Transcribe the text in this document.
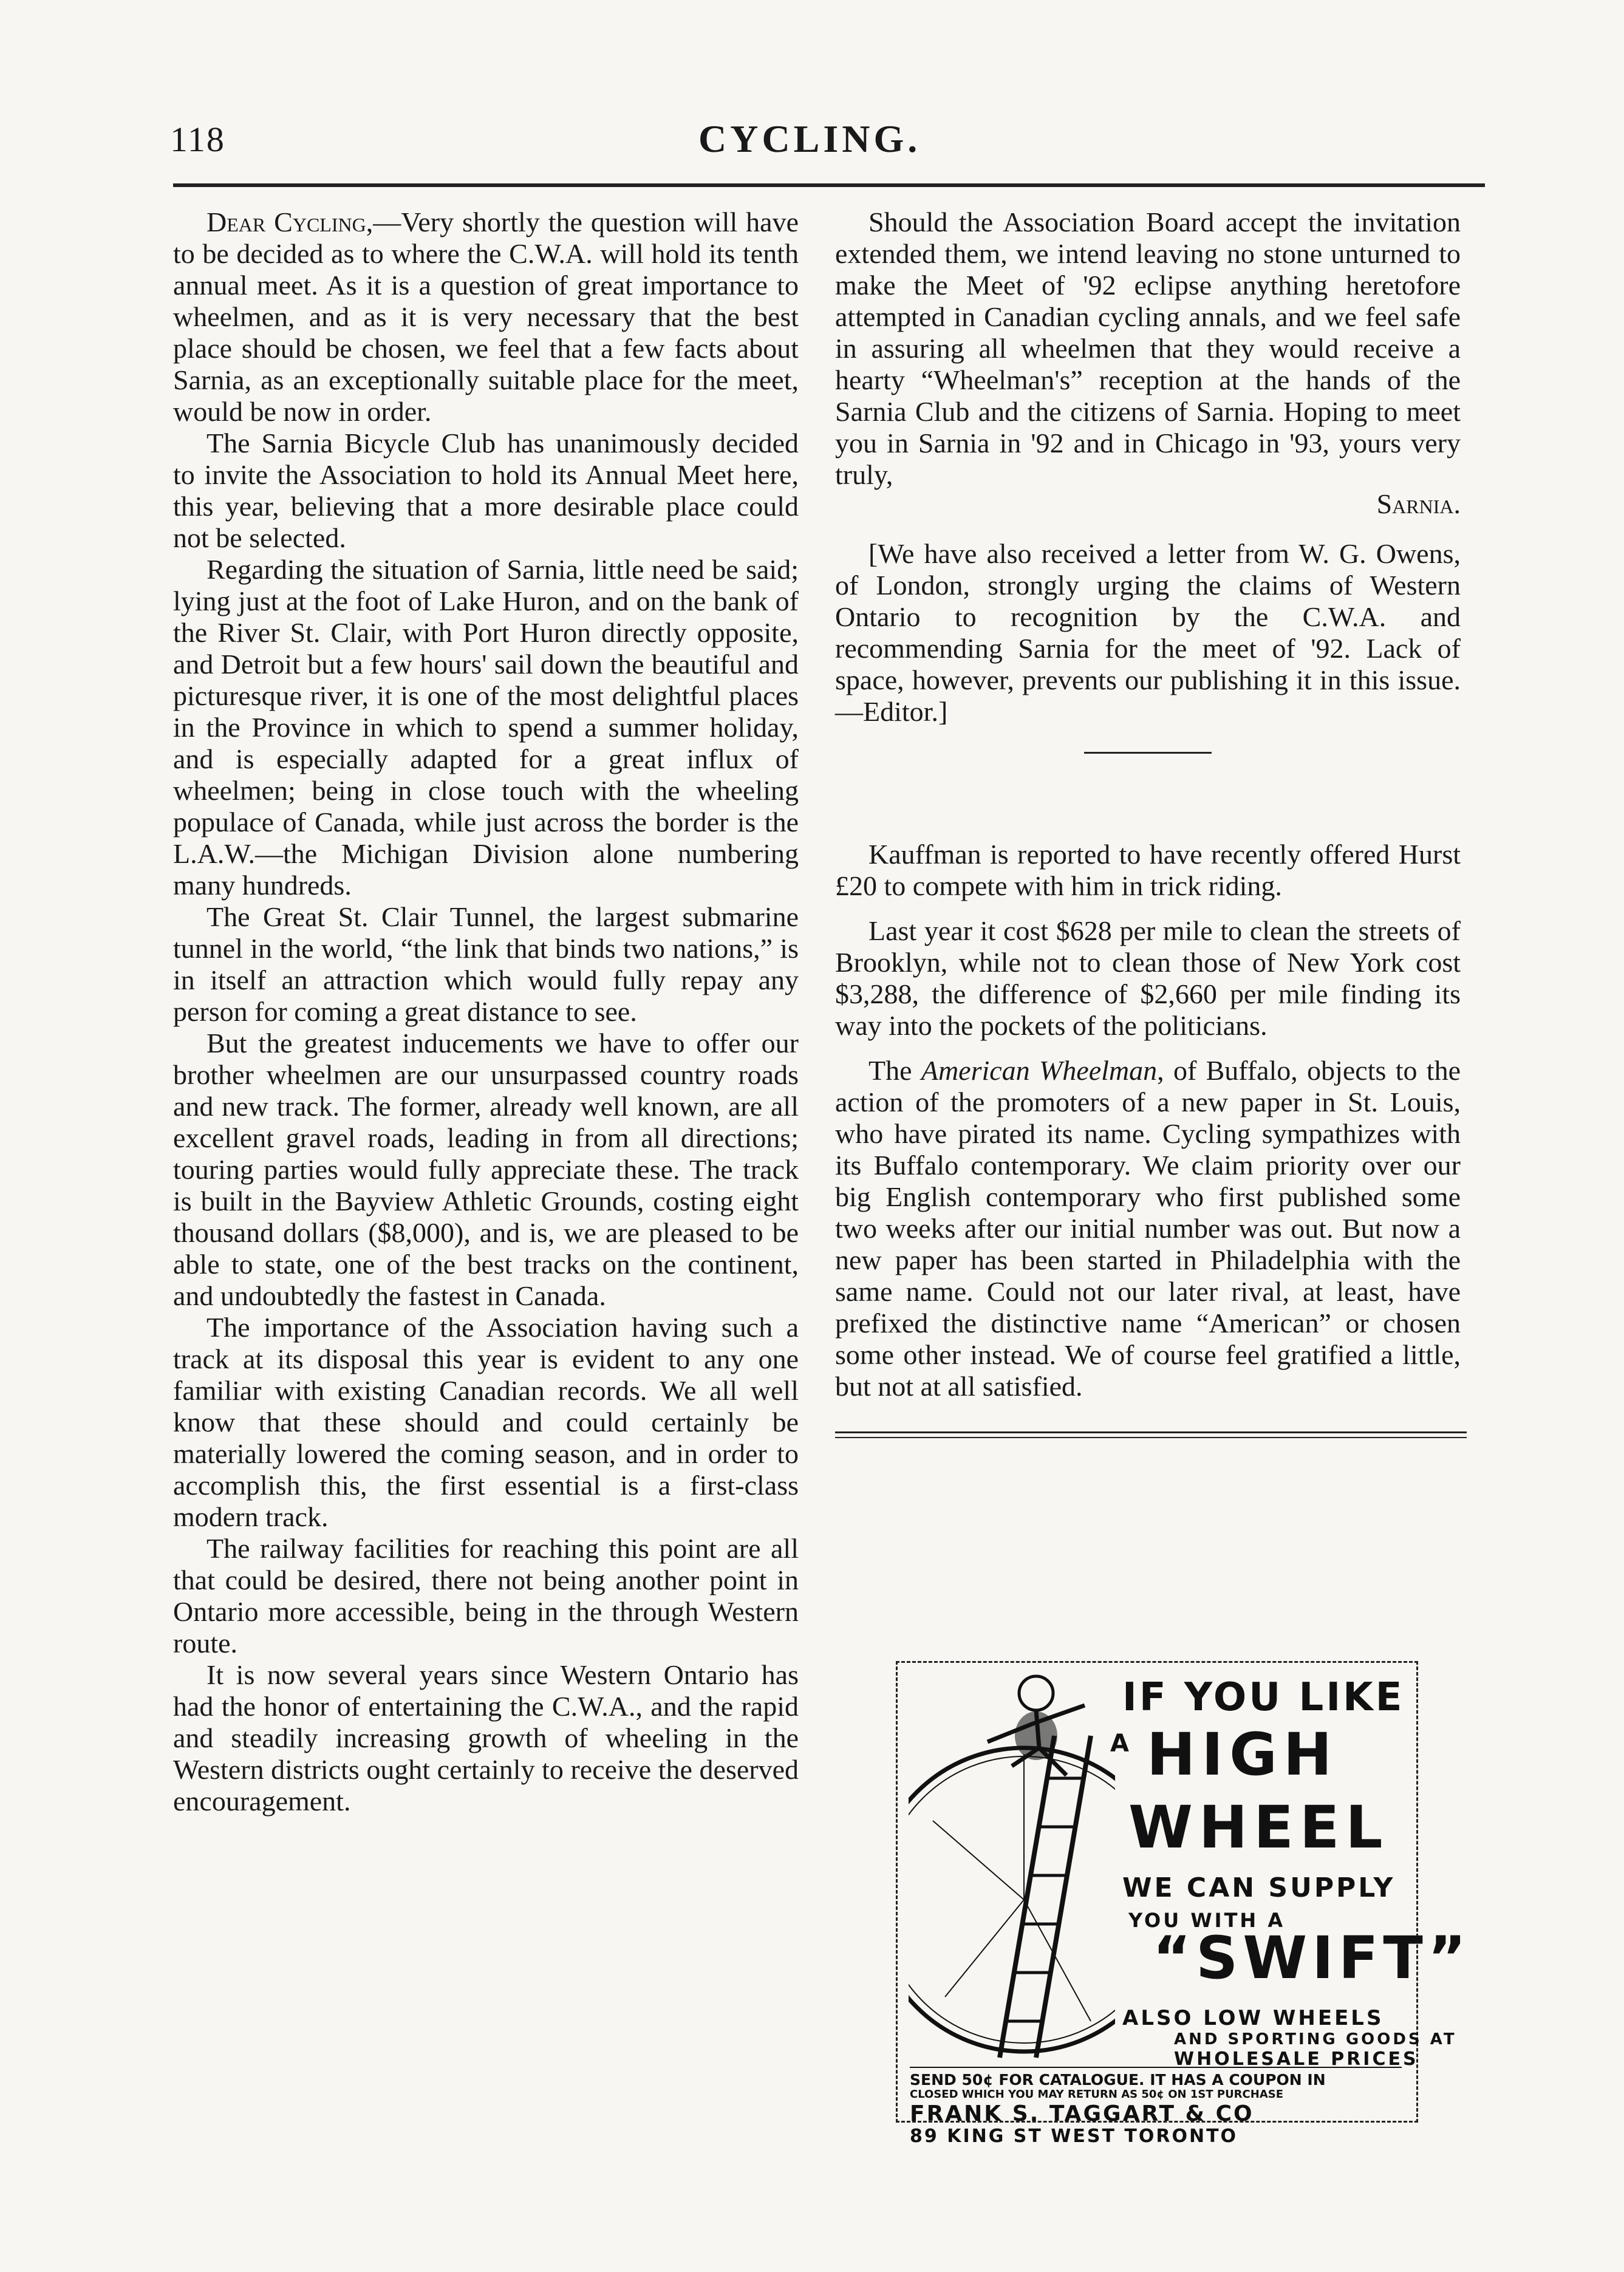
118	CYCLING.

Dear Cycling,—Very shortly the question will have to be decided as to where the C.W.A. will hold its tenth annual meet. As it is a question of great importance to wheelmen, and as it is very necessary that the best place should be chosen, we feel that a few facts about Sarnia, as an exceptionally suitable place for the meet, would be now in order.

The Sarnia Bicycle Club has unanimously decided to invite the Association to hold its Annual Meet here, this year, believing that a more desirable place could not be selected.

Regarding the situation of Sarnia, little need be said; lying just at the foot of Lake Huron, and on the bank of the River St. Clair, with Port Huron directly opposite, and Detroit but a few hours' sail down the beautiful and picturesque river, it is one of the most delightful places in the Province in which to spend a summer holiday, and is especially adapted for a great influx of wheelmen; being in close touch with the wheeling populace of Canada, while just across the border is the L.A.W.—the Michigan Division alone numbering many hundreds.

The Great St. Clair Tunnel, the largest submarine tunnel in the world, “the link that binds two nations,” is in itself an attraction which would fully repay any person for coming a great distance to see.

But the greatest inducements we have to offer our brother wheelmen are our unsurpassed country roads and new track. The former, already well known, are all excellent gravel roads, leading in from all directions; touring parties would fully appreciate these. The track is built in the Bayview Athletic Grounds, costing eight thousand dollars ($8,000), and is, we are pleased to be able to state, one of the best tracks on the continent, and undoubtedly the fastest in Canada.

The importance of the Association having such a track at its disposal this year is evident to any one familiar with existing Canadian records. We all well know that these should and could certainly be materially lowered the coming season, and in order to accomplish this, the first essential is a first-class modern track.

The railway facilities for reaching this point are all that could be desired, there not being another point in Ontario more accessible, being in the through Western route.

It is now several years since Western Ontario has had the honor of entertaining the C.W.A., and the rapid and steadily increasing growth of wheeling in the Western districts ought certainly to receive the deserved encouragement.

Should the Association Board accept the invitation extended them, we intend leaving no stone unturned to make the Meet of '92 eclipse anything heretofore attempted in Canadian cycling annals, and we feel safe in assuring all wheelmen that they would receive a hearty “Wheelman's” reception at the hands of the Sarnia Club and the citizens of Sarnia. Hoping to meet you in Sarnia in '92 and in Chicago in '93, yours very truly,

Sarnia.

[We have also received a letter from W. G. Owens, of London, strongly urging the claims of Western Ontario to recognition by the C.W.A. and recommending Sarnia for the meet of '92. Lack of space, however, prevents our publishing it in this issue.—Editor.]

Kauffman is reported to have recently offered Hurst £20 to compete with him in trick riding.

Last year it cost $628 per mile to clean the streets of Brooklyn, while not to clean those of New York cost $3,288, the difference of $2,660 per mile finding its way into the pockets of the politicians.

The American Wheelman, of Buffalo, objects to the action of the promoters of a new paper in St. Louis, who have pirated its name. Cycling sympathizes with its Buffalo contemporary. We claim priority over our big English contemporary who first published some two weeks after our initial number was out. But now a new paper has been started in Philadelphia with the same name. Could not our later rival, at least, have prefixed the distinctive name “American” or chosen some other instead. We of course feel gratified a little, but not at all satisfied.

IF YOU LIKE
A HIGH
WHEEL
WE CAN SUPPLY
YOU WITH A
“SWIFT”
ALSO LOW WHEELS
AND SPORTING GOODS AT
WHOLESALE PRICES
SEND 50¢ FOR CATALOGUE. IT HAS A COUPON IN
CLOSED WHICH YOU MAY RETURN AS 50¢ ON 1ST PURCHASE
FRANK S. TAGGART & CO
89 KING ST WEST TORONTO
